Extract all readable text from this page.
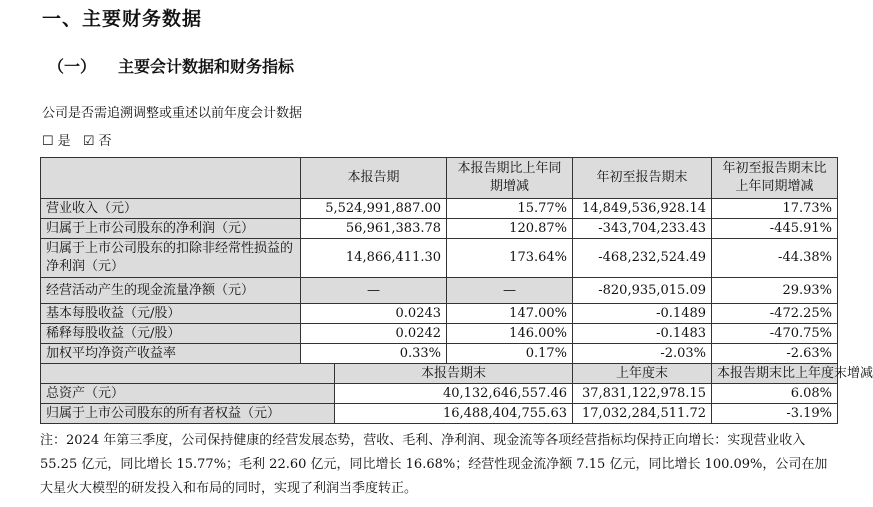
一、主要财务数据
（一） 主要会计数据和财务指标
公司是否需追溯调整或重述以前年度会计数据
☐ 是 ☑ 否
	本报告期		本报告期比上年同期增减	年初至报告期末	年初至报告期末比上年同期增减
营业收入（元）	5,524,991,887.00		15.77%	14,849,536,928.14	17.73%
归属于上市公司股东的净利润（元）	56,961,383.78		120.87%	-343,704,233.43	-445.91%
归属于上市公司股东的扣除非经常性损益的净利润（元）	14,866,411.30		173.64%	-468,232,524.49	-44.38%
经营活动产生的现金流量净额（元）	—		—	-820,935,015.09	29.93%
基本每股收益（元/股）	0.0243		147.00%	-0.1489	-472.25%
稀释每股收益（元/股）	0.0242		146.00%	-0.1483	-470.75%
加权平均净资产收益率	0.33%		0.17%	-2.03%	-2.63%
		本报告期末		上年度末	本报告期末比上年度末增减
总资产（元）		40,132,646,557.46		37,831,122,978.15	6.08%
归属于上市公司股东的所有者权益（元）		16,488,404,755.63		17,032,284,511.72	-3.19%
注：2024 年第三季度，公司保持健康的经营发展态势，营收、毛利、净利润、现金流等各项经营指标均保持正向增长：实现营业收入 55.25 亿元，同比增长 15.77%；毛利 22.60 亿元，同比增长 16.68%；经营性现金流净额 7.15 亿元，同比增长 100.09%，公司在加大星火大模型的研发投入和布局的同时，实现了利润当季度转正。
